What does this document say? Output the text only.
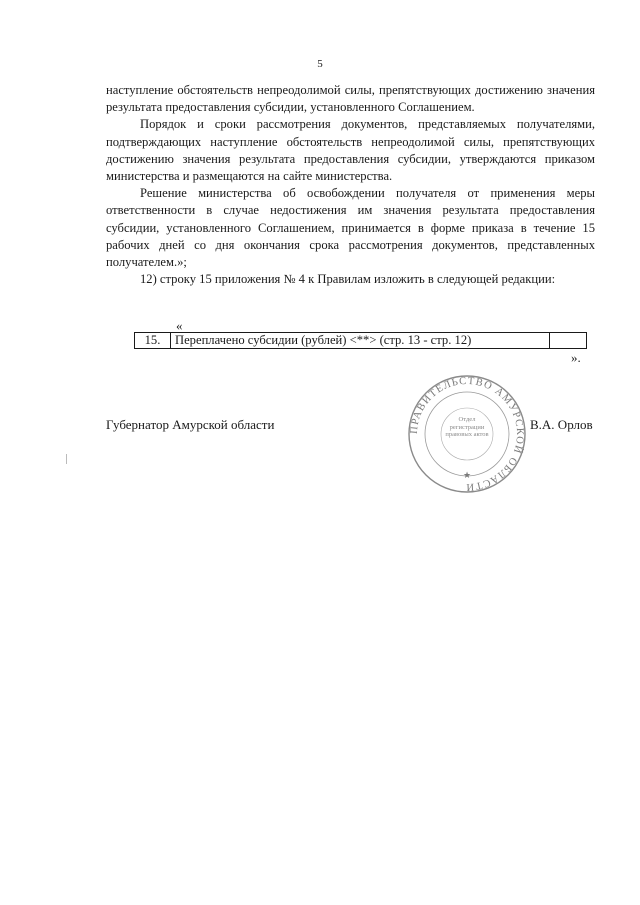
5

наступление обстоятельств непреодолимой силы, препятствующих достижению значения результата предоставления субсидии, установленного Соглашением.

Порядок и сроки рассмотрения документов, представляемых получателями, подтверждающих наступление обстоятельств непреодолимой силы, препятствующих достижению значения результата предоставления субсидии, утверждаются приказом министерства и размещаются на сайте министерства.

Решение министерства об освобождении получателя от применения меры ответственности в случае недостижения им значения результата предоставления субсидии, установленного Соглашением, принимается в форме приказа в течение 15 рабочих дней со дня окончания срока рассмотрения документов, представленных получателем.»;

12) строку 15 приложения № 4 к Правилам изложить в следующей редакции:

«
15.	Переплачено субсидии (рублей) <**> (стр. 13 - стр. 12)	
».
Губернатор Амурской области	ПРАВИТЕЛЬСТВО АМУРСКОЙ ОБЛАСТИ
Отдел регистрации правовых актов
★
В.А. Орлов
